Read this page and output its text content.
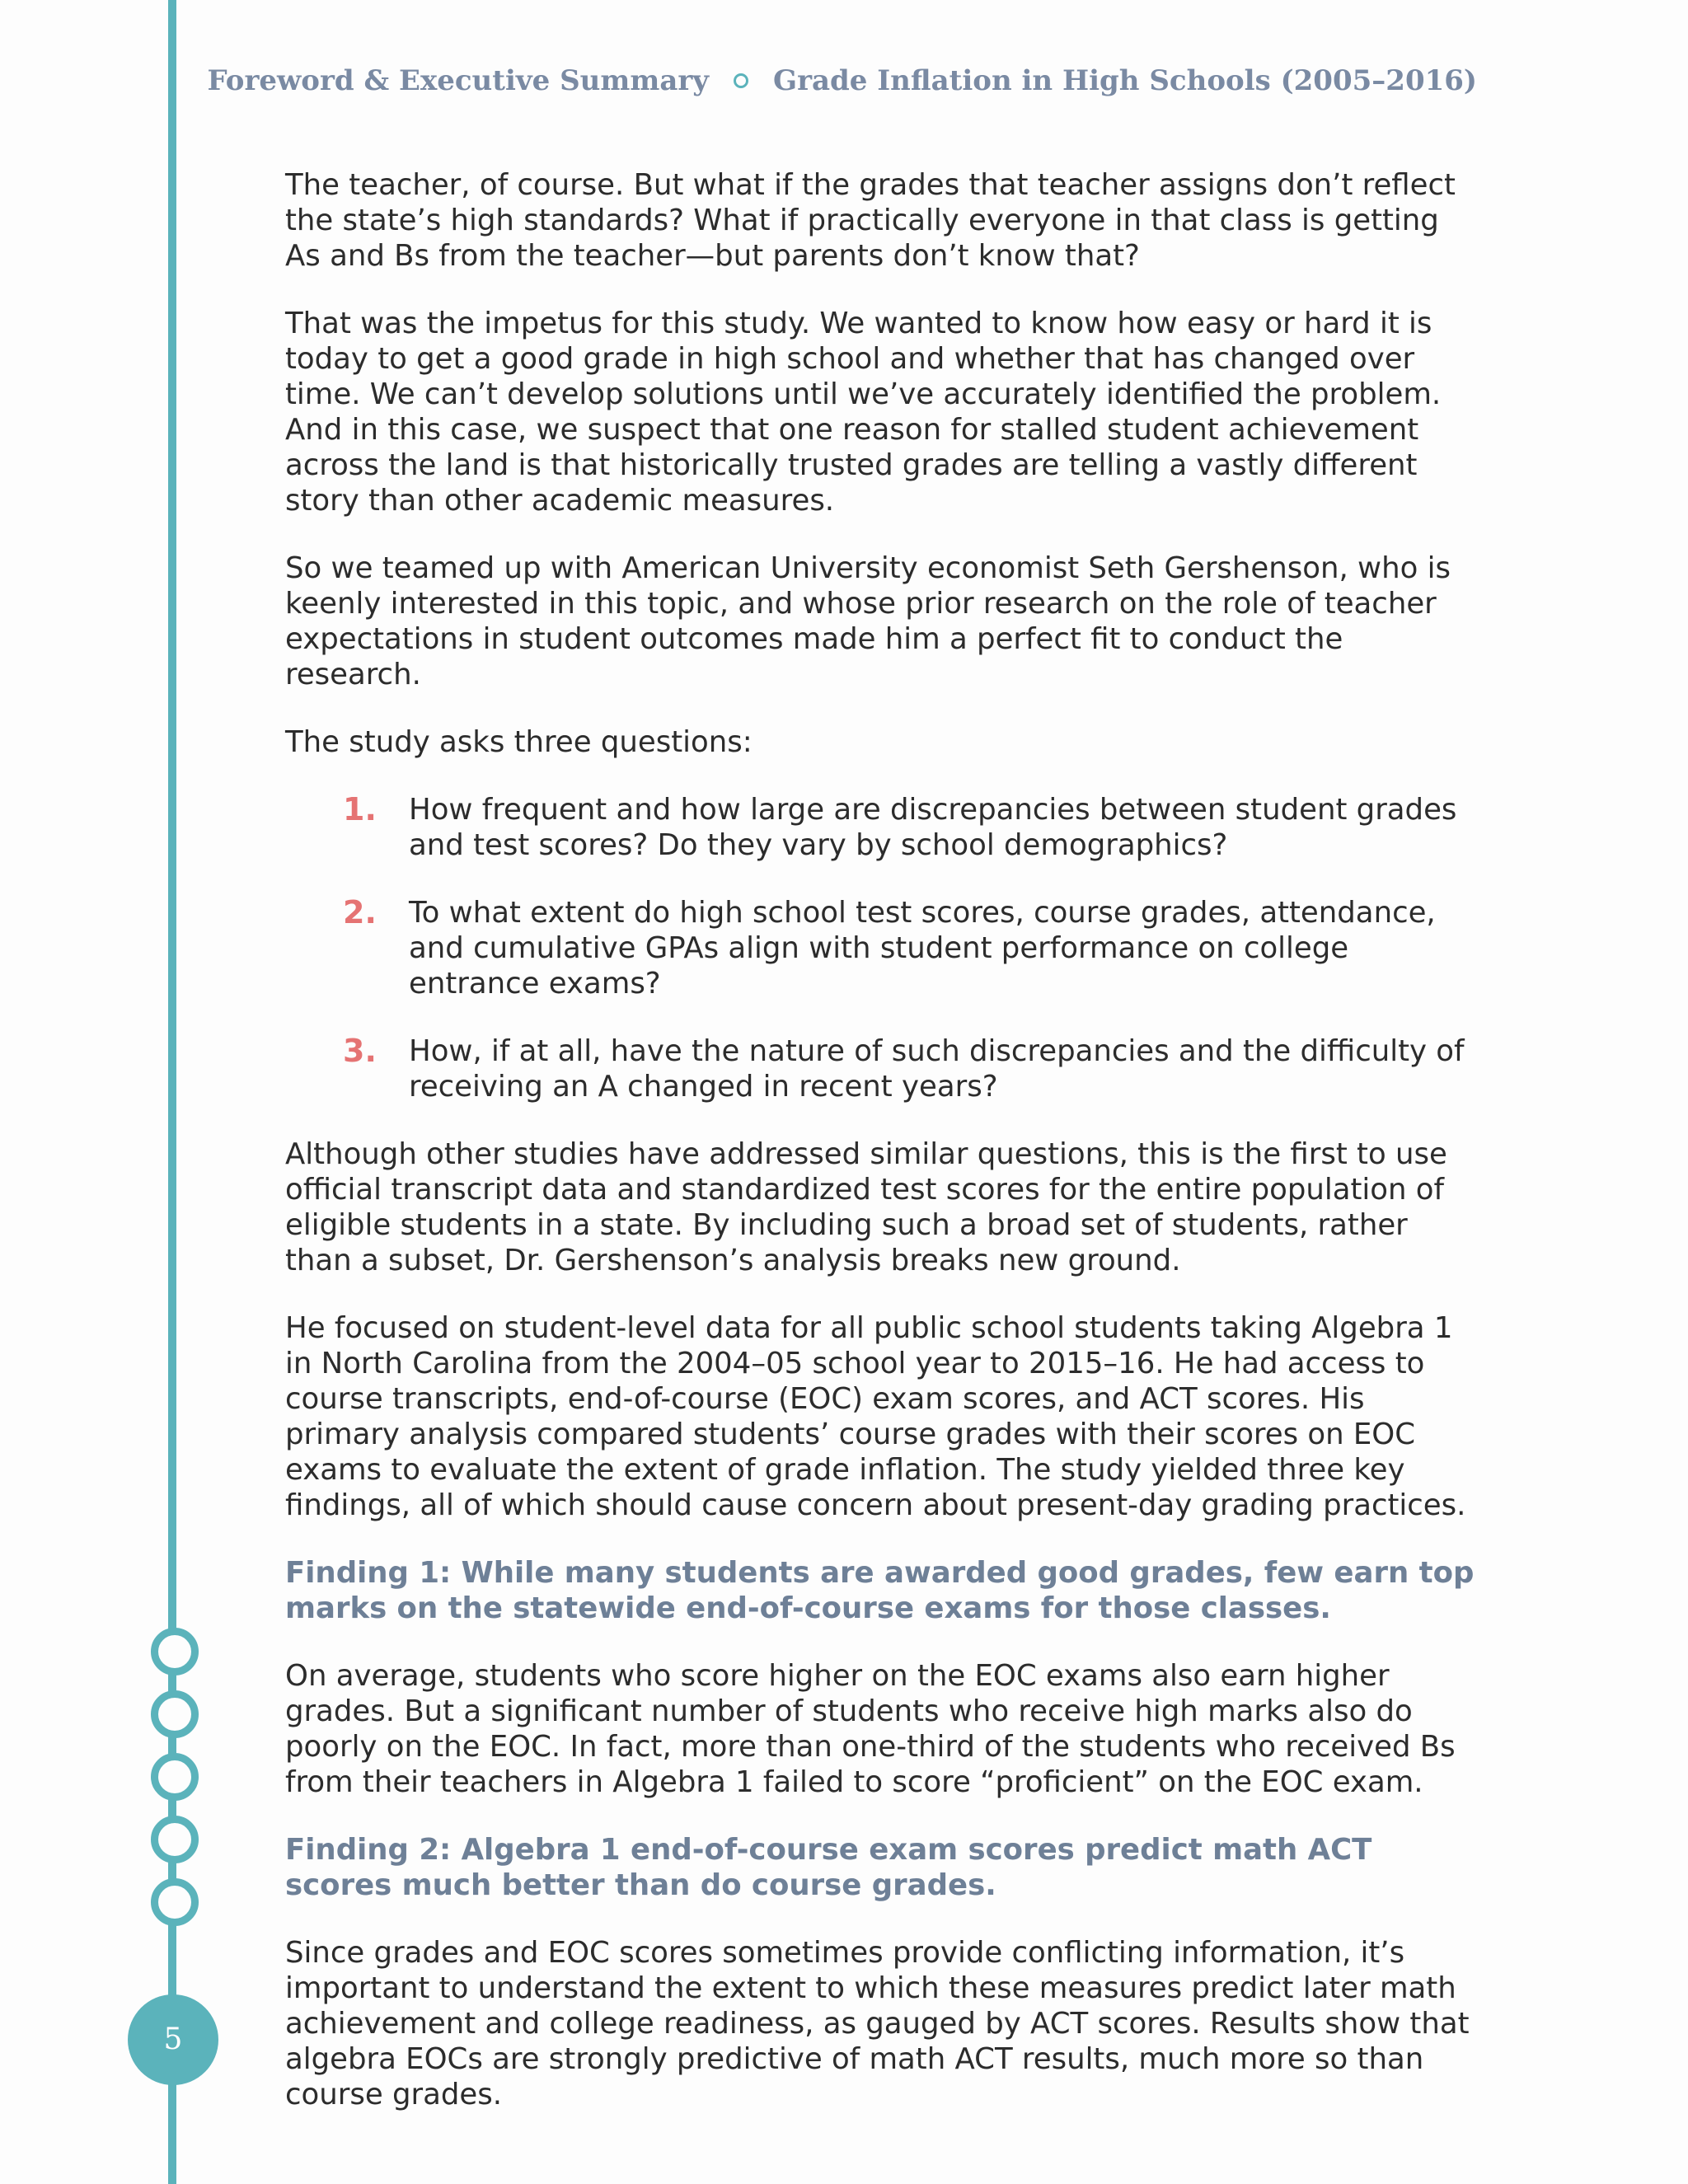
5
Foreword & Executive Summary Grade Inflation in High Schools (2005–2016)

The teacher, of course. But what if the grades that teacher assigns don’t reflect the state’s high standards? What if practically everyone in that class is getting As and Bs from the teacher—but parents don’t know that?

That was the impetus for this study. We wanted to know how easy or hard it is today to get a good grade in high school and whether that has changed over time. We can’t develop solutions until we’ve accurately identified the problem. And in this case, we suspect that one reason for stalled student achievement across the land is that historically trusted grades are telling a vastly different story than other academic measures.

So we teamed up with American University economist Seth Gershenson, who is keenly interested in this topic, and whose prior research on the role of teacher expectations in student outcomes made him a perfect fit to conduct the research.

The study asks three questions:

1. How frequent and how large are discrepancies between student grades and test scores? Do they vary by school demographics?
2. To what extent do high school test scores, course grades, attendance, and cumulative GPAs align with student performance on college entrance exams?
3. How, if at all, have the nature of such discrepancies and the difficulty of receiving an A changed in recent years?

Although other studies have addressed similar questions, this is the first to use official transcript data and standardized test scores for the entire population of eligible students in a state. By including such a broad set of students, rather than a subset, Dr. Gershenson’s analysis breaks new ground.

He focused on student-level data for all public school students taking Algebra 1 in North Carolina from the 2004–05 school year to 2015–16. He had access to course transcripts, end-of-course (EOC) exam scores, and ACT scores. His primary analysis compared students’ course grades with their scores on EOC exams to evaluate the extent of grade inflation. The study yielded three key findings, all of which should cause concern about present-day grading practices.

Finding 1: While many students are awarded good grades, few earn top marks on the statewide end-of-course exams for those classes.

On average, students who score higher on the EOC exams also earn higher grades. But a significant number of students who receive high marks also do poorly on the EOC. In fact, more than one-third of the students who received Bs from their teachers in Algebra 1 failed to score “proficient” on the EOC exam.

Finding 2: Algebra 1 end-of-course exam scores predict math ACT scores much better than do course grades.

Since grades and EOC scores sometimes provide conflicting information, it’s important to understand the extent to which these measures predict later math achievement and college readiness, as gauged by ACT scores. Results show that algebra EOCs are strongly predictive of math ACT results, much more so than course grades.
